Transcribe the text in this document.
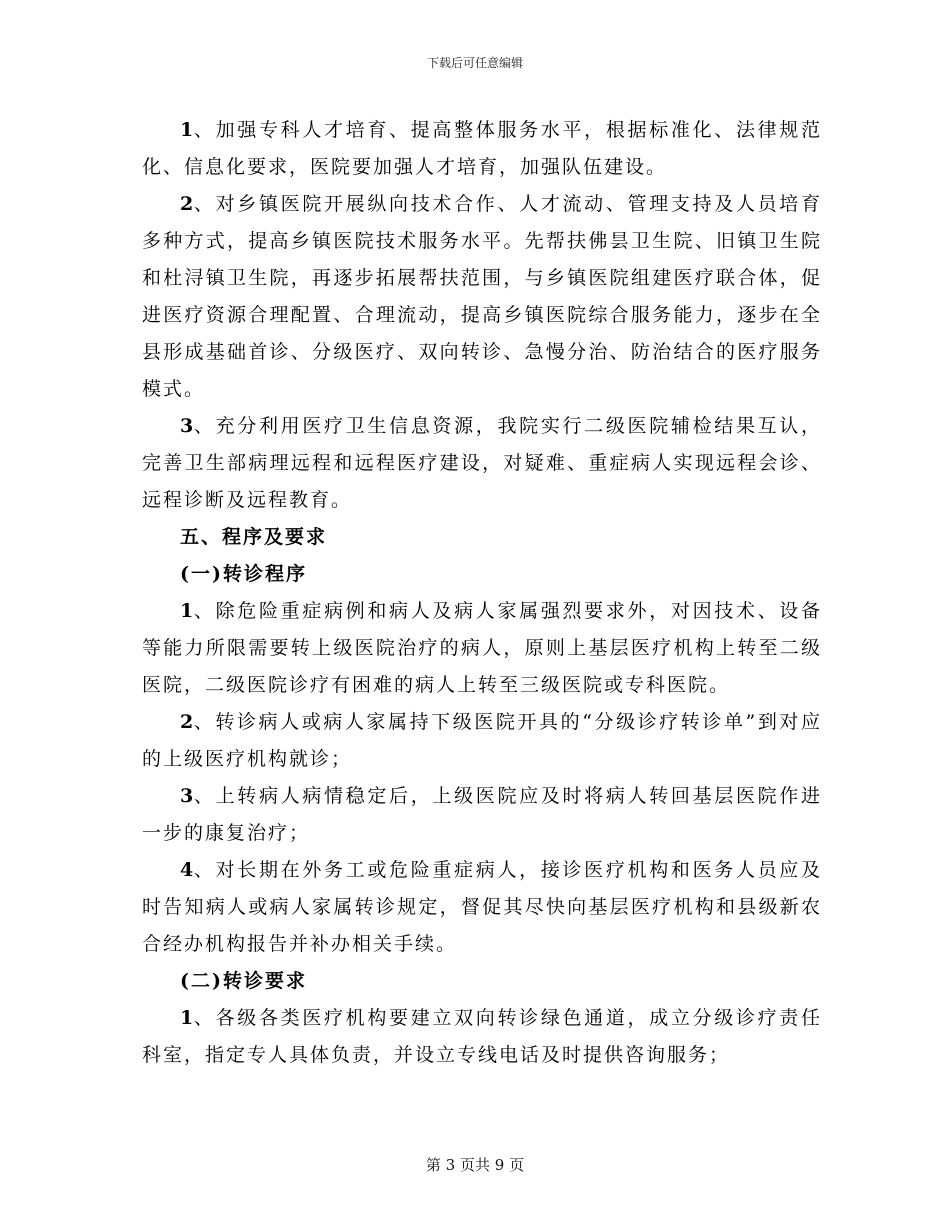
下载后可任意编辑

1、加强专科人才培育、提高整体服务水平，根据标准化、法律规范化、信息化要求，医院要加强人才培育，加强队伍建设。

2、对乡镇医院开展纵向技术合作、人才流动、管理支持及人员培育多种方式，提高乡镇医院技术服务水平。先帮扶佛昙卫生院、旧镇卫生院和杜浔镇卫生院，再逐步拓展帮扶范围，与乡镇医院组建医疗联合体，促进医疗资源合理配置、合理流动，提高乡镇医院综合服务能力，逐步在全县形成基础首诊、分级医疗、双向转诊、急慢分治、防治结合的医疗服务模式。

3、充分利用医疗卫生信息资源，我院实行二级医院辅检结果互认，完善卫生部病理远程和远程医疗建设，对疑难、重症病人实现远程会诊、远程诊断及远程教育。

五、程序及要求

(一)转诊程序

1、除危险重症病例和病人及病人家属强烈要求外，对因技术、设备等能力所限需要转上级医院治疗的病人，原则上基层医疗机构上转至二级医院，二级医院诊疗有困难的病人上转至三级医院或专科医院。

2、转诊病人或病人家属持下级医院开具的“分级诊疗转诊单”到对应的上级医疗机构就诊；

3、上转病人病情稳定后，上级医院应及时将病人转回基层医院作进一步的康复治疗；

4、对长期在外务工或危险重症病人，接诊医疗机构和医务人员应及时告知病人或病人家属转诊规定，督促其尽快向基层医疗机构和县级新农合经办机构报告并补办相关手续。

(二)转诊要求

1、各级各类医疗机构要建立双向转诊绿色通道，成立分级诊疗责任科室，指定专人具体负责，并设立专线电话及时提供咨询服务；

第 3 页共 9 页
